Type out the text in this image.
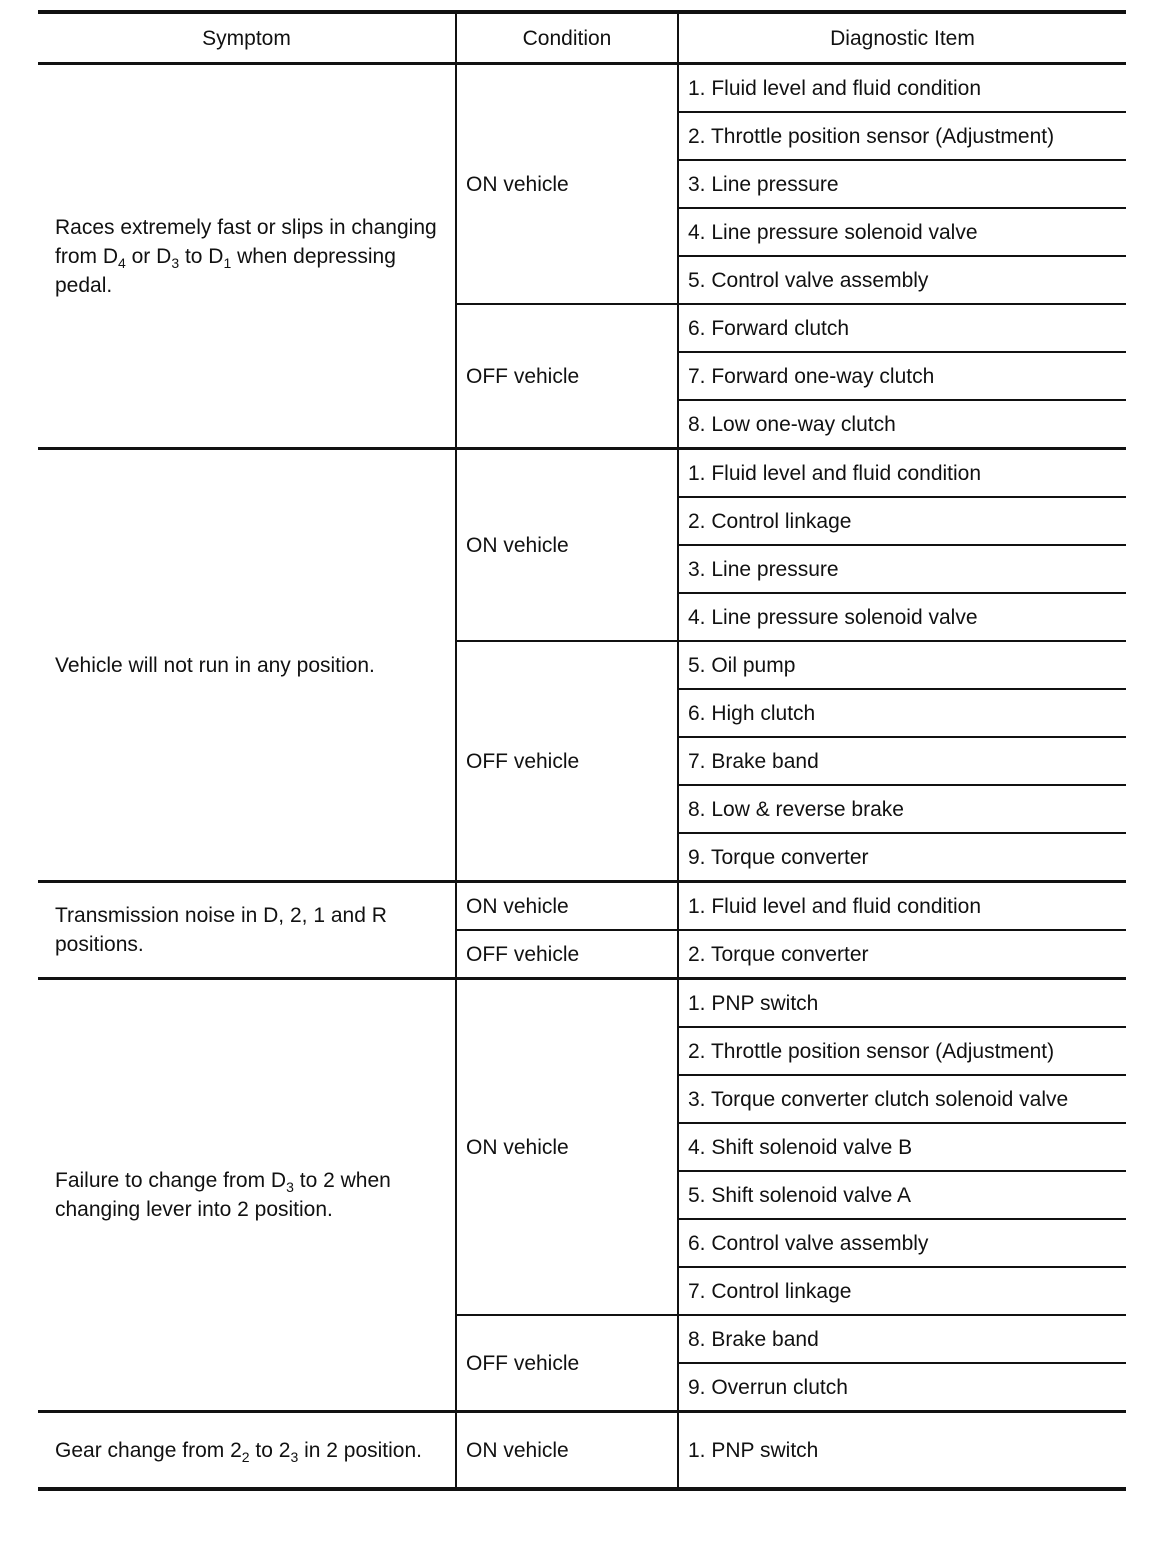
Symptom	Condition	Diagnostic Item
Races extremely fast or slips in changing from $D_4$ or $D_3$ to $D_1$ when depressing pedal.	ON vehicle	1. Fluid level and fluid condition
		2. Throttle position sensor (Adjustment)
		3. Line pressure
		4. Line pressure solenoid valve
		5. Control valve assembly
	OFF vehicle	6. Forward clutch
		7. Forward one-way clutch
		8. Low one-way clutch
Vehicle will not run in any position.	ON vehicle	1. Fluid level and fluid condition
		2. Control linkage
		3. Line pressure
		4. Line pressure solenoid valve
	OFF vehicle	5. Oil pump
		6. High clutch
		7. Brake band
		8. Low & reverse brake
		9. Torque converter
Transmission noise in D, 2, 1 and R positions.	ON vehicle	1. Fluid level and fluid condition
	OFF vehicle	2. Torque converter
Failure to change from $D_3$ to 2 when changing lever into 2 position.	ON vehicle	1. PNP switch
		2. Throttle position sensor (Adjustment)
		3. Torque converter clutch solenoid valve
		4. Shift solenoid valve B
		5. Shift solenoid valve A
		6. Control valve assembly
		7. Control linkage
	OFF vehicle	8. Brake band
		9. Overrun clutch
Gear change from $2_2$ to $2_3$ in 2 position.	ON vehicle	1. PNP switch
